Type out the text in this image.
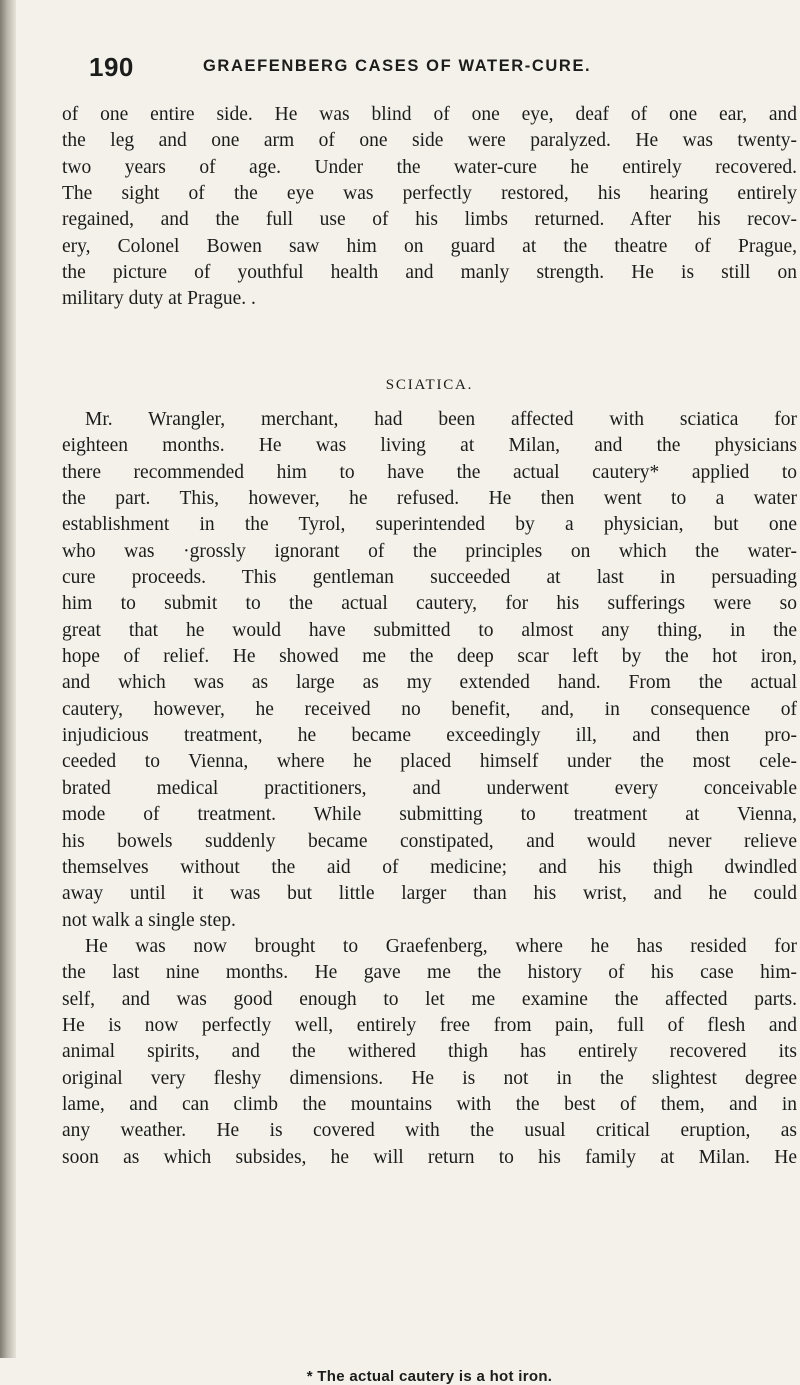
190	GRAEFENBERG CASES OF WATER-CURE.
of one entire side. He was blind of one eye, deaf of one ear, and
the leg and one arm of one side were paralyzed. He was twenty-
two years of age. Under the water-cure he entirely recovered.
The sight of the eye was perfectly restored, his hearing entirely
regained, and the full use of his limbs returned. After his recov-
ery, Colonel Bowen saw him on guard at the theatre of Prague,
the picture of youthful health and manly strength. He is still on
military duty at Prague. .
SCIATICA.
Mr. Wrangler, merchant, had been affected with sciatica for
eighteen months. He was living at Milan, and the physicians
there recommended him to have the actual cautery* applied to
the part. This, however, he refused. He then went to a water
establishment in the Tyrol, superintended by a physician, but one
who was ·grossly ignorant of the principles on which the water-
cure proceeds. This gentleman succeeded at last in persuading
him to submit to the actual cautery, for his sufferings were so
great that he would have submitted to almost any thing, in the
hope of relief. He showed me the deep scar left by the hot iron,
and which was as large as my extended hand. From the actual
cautery, however, he received no benefit, and, in consequence of
injudicious treatment, he became exceedingly ill, and then pro-
ceeded to Vienna, where he placed himself under the most cele-
brated medical practitioners, and underwent every conceivable
mode of treatment. While submitting to treatment at Vienna,
his bowels suddenly became constipated, and would never relieve
themselves without the aid of medicine; and his thigh dwindled
away until it was but little larger than his wrist, and he could
not walk a single step.
He was now brought to Graefenberg, where he has resided for
the last nine months. He gave me the history of his case him-
self, and was good enough to let me examine the affected parts.
He is now perfectly well, entirely free from pain, full of flesh and
animal spirits, and the withered thigh has entirely recovered its
original very fleshy dimensions. He is not in the slightest degree
lame, and can climb the mountains with the best of them, and in
any weather. He is covered with the usual critical eruption, as
soon as which subsides, he will return to his family at Milan. He
* The actual cautery is a hot iron.
